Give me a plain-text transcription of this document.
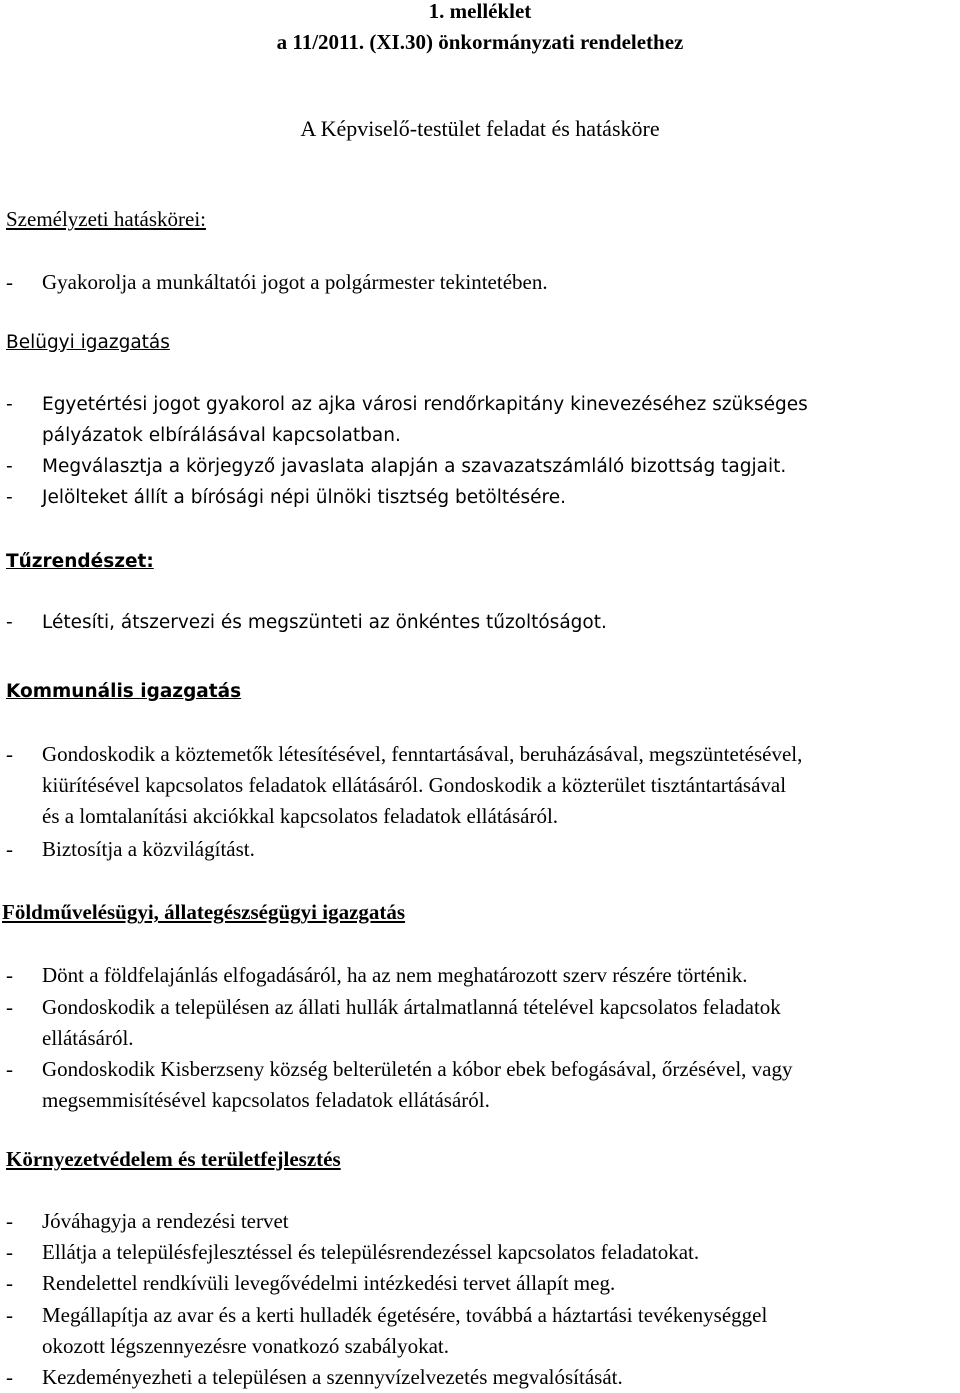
1. melléklet
a 11/2011. (XI.30) önkormányzati rendelethez
A Képviselő-testület feladat és hatásköre
Személyzeti hatáskörei:
- Gyakorolja a munkáltatói jogot a polgármester tekintetében.
Belügyi igazgatás
- Egyetértési jogot gyakorol az ajka városi rendőrkapitány kinevezéséhez szükséges
pályázatok elbírálásával kapcsolatban.
- Megválasztja a körjegyző javaslata alapján a szavazatszámláló bizottság tagjait.
- Jelölteket állít a bírósági népi ülnöki tisztség betöltésére.
Tűzrendészet:
- Létesíti, átszervezi és megszünteti az önkéntes tűzoltóságot.
Kommunális igazgatás
- Gondoskodik a köztemetők létesítésével, fenntartásával, beruházásával, megszüntetésével,
kiürítésével kapcsolatos feladatok ellátásáról. Gondoskodik a közterület tisztántartásával
és a lomtalanítási akciókkal kapcsolatos feladatok ellátásáról.
- Biztosítja a közvilágítást.
Földművelésügyi, állategészségügyi igazgatás
- Dönt a földfelajánlás elfogadásáról, ha az nem meghatározott szerv részére történik.
- Gondoskodik a településen az állati hullák ártalmatlanná tételével kapcsolatos feladatok
ellátásáról.
- Gondoskodik Kisberzseny község belterületén a kóbor ebek befogásával, őrzésével, vagy
megsemmisítésével kapcsolatos feladatok ellátásáról.
Környezetvédelem és területfejlesztés
- Jóváhagyja a rendezési tervet
- Ellátja a településfejlesztéssel és településrendezéssel kapcsolatos feladatokat.
- Rendelettel rendkívüli levegővédelmi intézkedési tervet állapít meg.
- Megállapítja az avar és a kerti hulladék égetésére, továbbá a háztartási tevékenységgel
okozott légszennyezésre vonatkozó szabályokat.
- Kezdeményezheti a településen a szennyvízelvezetés megvalósítását.
